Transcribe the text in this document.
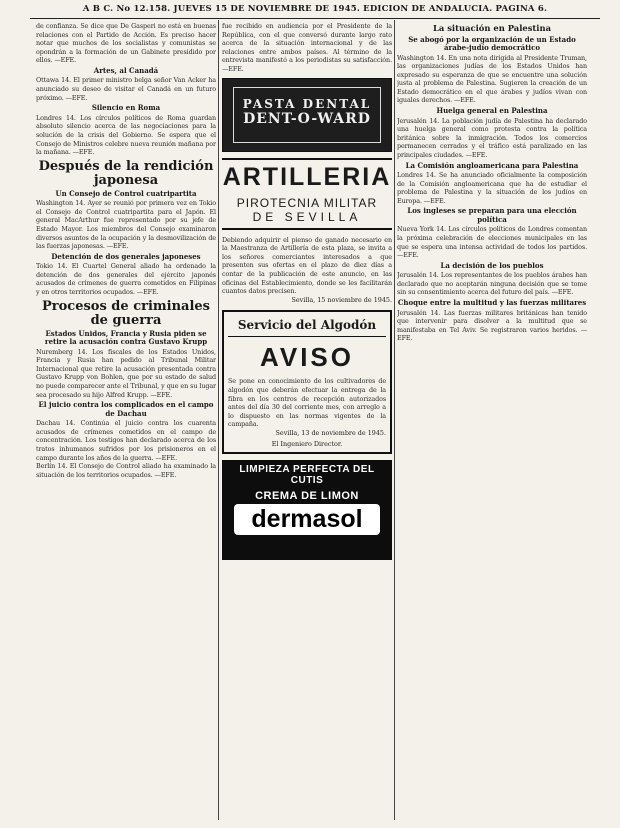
A B C. No 12.158. JUEVES 15 DE NOVIEMBRE DE 1945. EDICION DE ANDALUCIA. PAGINA 6.
de confianza. Se dice que De Gasperi no está en buenas relaciones con el Partido de Acción. Es preciso hacer notar que muchos de los socialistas y comunistas se opondrán a la formación de un Gabinete presidido por ellos. —EFE.
Artes, al Canadá
Ottawa 14. El primer ministro belga señor Van Acker ha anunciado su deseo de visitar el Canadá en un futuro próximo. —EFE.
Silencio en Roma
Londres 14. Los círculos políticos de Roma guardan absoluto silencio acerca de las negociaciones para la solución de la crisis del Gobierno. Se espera que el Consejo de Ministros celebre nueva reunión mañana por la mañana. —EFE.
Después de la rendición japonesa
Un Consejo de Control cuatripartita
Washington 14. Ayer se reunió por primera vez en Tokio el Consejo de Control cuatripartita para el Japón. El general MacArthur fue representado por su jefe de Estado Mayor. Los miembros del Consejo examinaron diversos asuntos de la ocupación y la desmovilización de las fuerzas japonesas. —EFE.
Detención de dos generales japoneses
Tokio 14. El Cuartel General aliado ha ordenado la detención de dos generales del ejército japonés acusados de crímenes de guerra cometidos en Filipinas y en otros territorios ocupados. —EFE.
Procesos de criminales de guerra
Estados Unidos, Francia y Rusia piden se retire la acusación contra Gustavo Krupp
Nuremberg 14. Los fiscales de los Estados Unidos, Francia y Rusia han pedido al Tribunal Militar Internacional que retire la acusación presentada contra Gustavo Krupp von Bohlen, que por su estado de salud no puede comparecer ante el Tribunal, y que en su lugar sea procesado su hijo Alfred Krupp. —EFE.
El juicio contra los complicados en el campo de Dachau
Dachau 14. Continúa el juicio contra los cuarenta acusados de crímenes cometidos en el campo de concentración. Los testigos han declarado acerca de los tratos inhumanos sufridos por los prisioneros en el campo durante los años de la guerra. —EFE.
Berlín 14. El Consejo de Control aliado ha examinado la situación de los territorios ocupados. —EFE.
fue recibido en audiencia por el Presidente de la República, con el que conversó durante largo rato acerca de la situación internacional y de las relaciones entre ambos países. Al término de la entrevista manifestó a los periodistas su satisfacción. —EFE.
PASTA DENTAL
DENT-O-WARD
ARTILLERIA
PIROTECNIA MILITAR
DE SEVILLA
Debiendo adquirir el pienso de ganado necesario en la Maestranza de Artillería de esta plaza, se invita a los señores comerciantes interesados a que presenten sus ofertas en el plazo de diez días a contar de la publicación de este anuncio, en las oficinas del Establecimiento, donde se les facilitarán cuantos datos precisen.
Sevilla, 15 noviembre de 1945.
Servicio del Algodón
AVISO
Se pone en conocimiento de los cultivadores de algodón que deberán efectuar la entrega de la fibra en los centros de recepción autorizados antes del día 30 del corriente mes, con arreglo a lo dispuesto en las normas vigentes de la campaña.
Sevilla, 13 de noviembre de 1945.
El Ingeniero Director.
LIMPIEZA PERFECTA DEL CUTIS
CREMA DE LIMON
dermasol
La situación en Palestina
Se abogó por la organización de un Estado árabe-judío democrático
Washington 14. En una nota dirigida al Presidente Truman, las organizaciones judías de los Estados Unidos han expresado su esperanza de que se encuentre una solución justa al problema de Palestina. Sugieren la creación de un Estado democrático en el que árabes y judíos vivan con iguales derechos. —EFE.
Huelga general en Palestina
Jerusalén 14. La población judía de Palestina ha declarado una huelga general como protesta contra la política británica sobre la inmigración. Todos los comercios permanecen cerrados y el tráfico está paralizado en las principales ciudades. —EFE.
La Comisión angloamericana para Palestina
Londres 14. Se ha anunciado oficialmente la composición de la Comisión angloamericana que ha de estudiar el problema de Palestina y la situación de los judíos en Europa. —EFE.
Los ingleses se preparan para una elección política
Nueva York 14. Los círculos políticos de Londres comentan la próxima celebración de elecciones municipales en las que se espera una intensa actividad de todos los partidos. —EFE.
La decisión de los pueblos
Jerusalén 14. Los representantes de los pueblos árabes han declarado que no aceptarán ninguna decisión que se tome sin su consentimiento acerca del futuro del país. —EFE.
Choque entre la multitud y las fuerzas militares
Jerusalén 14. Las fuerzas militares británicas han tenido que intervenir para disolver a la multitud que se manifestaba en Tel Aviv. Se registraron varios heridos. —EFE.
